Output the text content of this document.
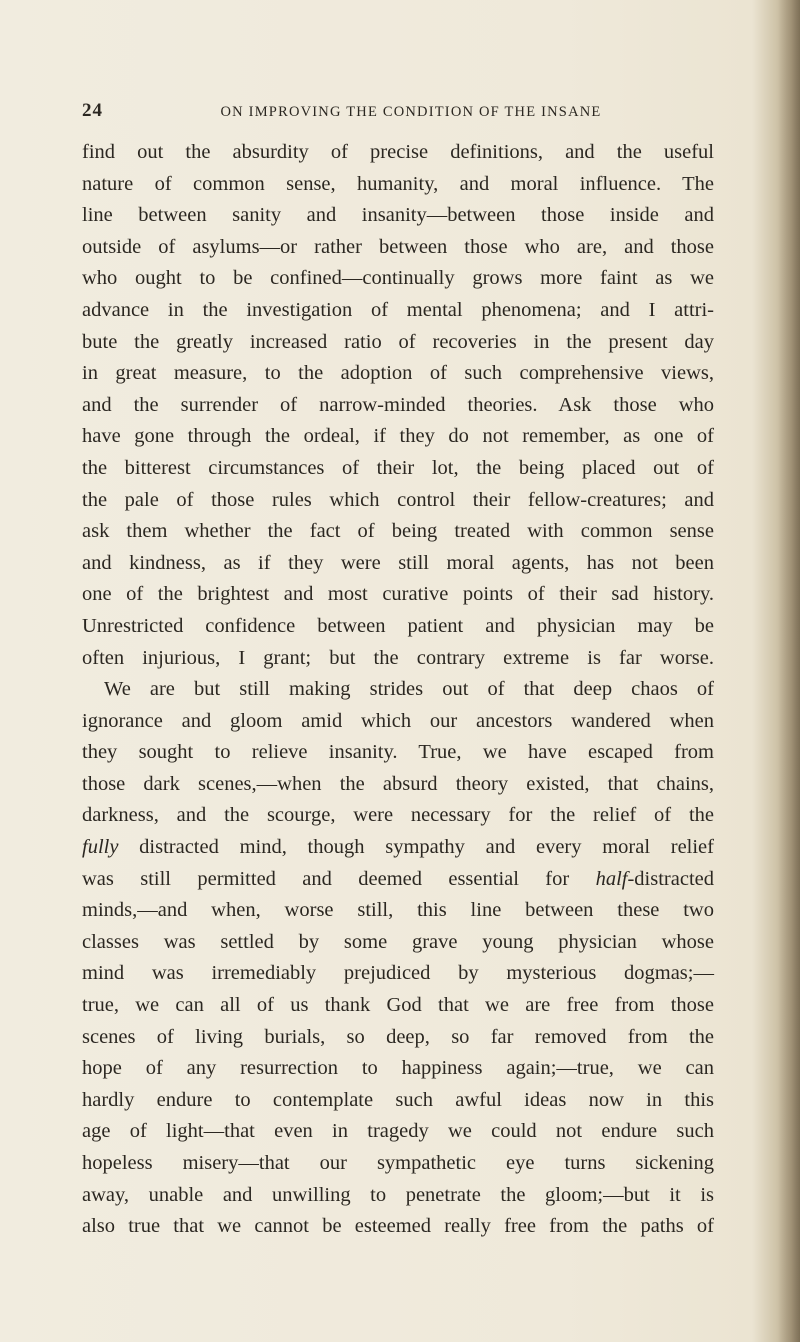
24	ON IMPROVING THE CONDITION OF THE INSANE
find out the absurdity of precise definitions, and the useful
nature of common sense, humanity, and moral influence. The
line between sanity and insanity—between those inside and
outside of asylums—or rather between those who are, and those
who ought to be confined—continually grows more faint as we
advance in the investigation of mental phenomena; and I attri-
bute the greatly increased ratio of recoveries in the present day
in great measure, to the adoption of such comprehensive views,
and the surrender of narrow-minded theories. Ask those who
have gone through the ordeal, if they do not remember, as one of
the bitterest circumstances of their lot, the being placed out of
the pale of those rules which control their fellow-creatures; and
ask them whether the fact of being treated with common sense
and kindness, as if they were still moral agents, has not been
one of the brightest and most curative points of their sad history.
Unrestricted confidence between patient and physician may be
often injurious, I grant; but the contrary extreme is far worse.
We are but still making strides out of that deep chaos of
ignorance and gloom amid which our ancestors wandered when
they sought to relieve insanity. True, we have escaped from
those dark scenes,—when the absurd theory existed, that chains,
darkness, and the scourge, were necessary for the relief of the
fully distracted mind, though sympathy and every moral relief
was still permitted and deemed essential for half-distracted
minds,—and when, worse still, this line between these two
classes was settled by some grave young physician whose
mind was irremediably prejudiced by mysterious dogmas;—
true, we can all of us thank God that we are free from those
scenes of living burials, so deep, so far removed from the
hope of any resurrection to happiness again;—true, we can
hardly endure to contemplate such awful ideas now in this
age of light—that even in tragedy we could not endure such
hopeless misery—that our sympathetic eye turns sickening
away, unable and unwilling to penetrate the gloom;—but it is
also true that we cannot be esteemed really free from the paths of
